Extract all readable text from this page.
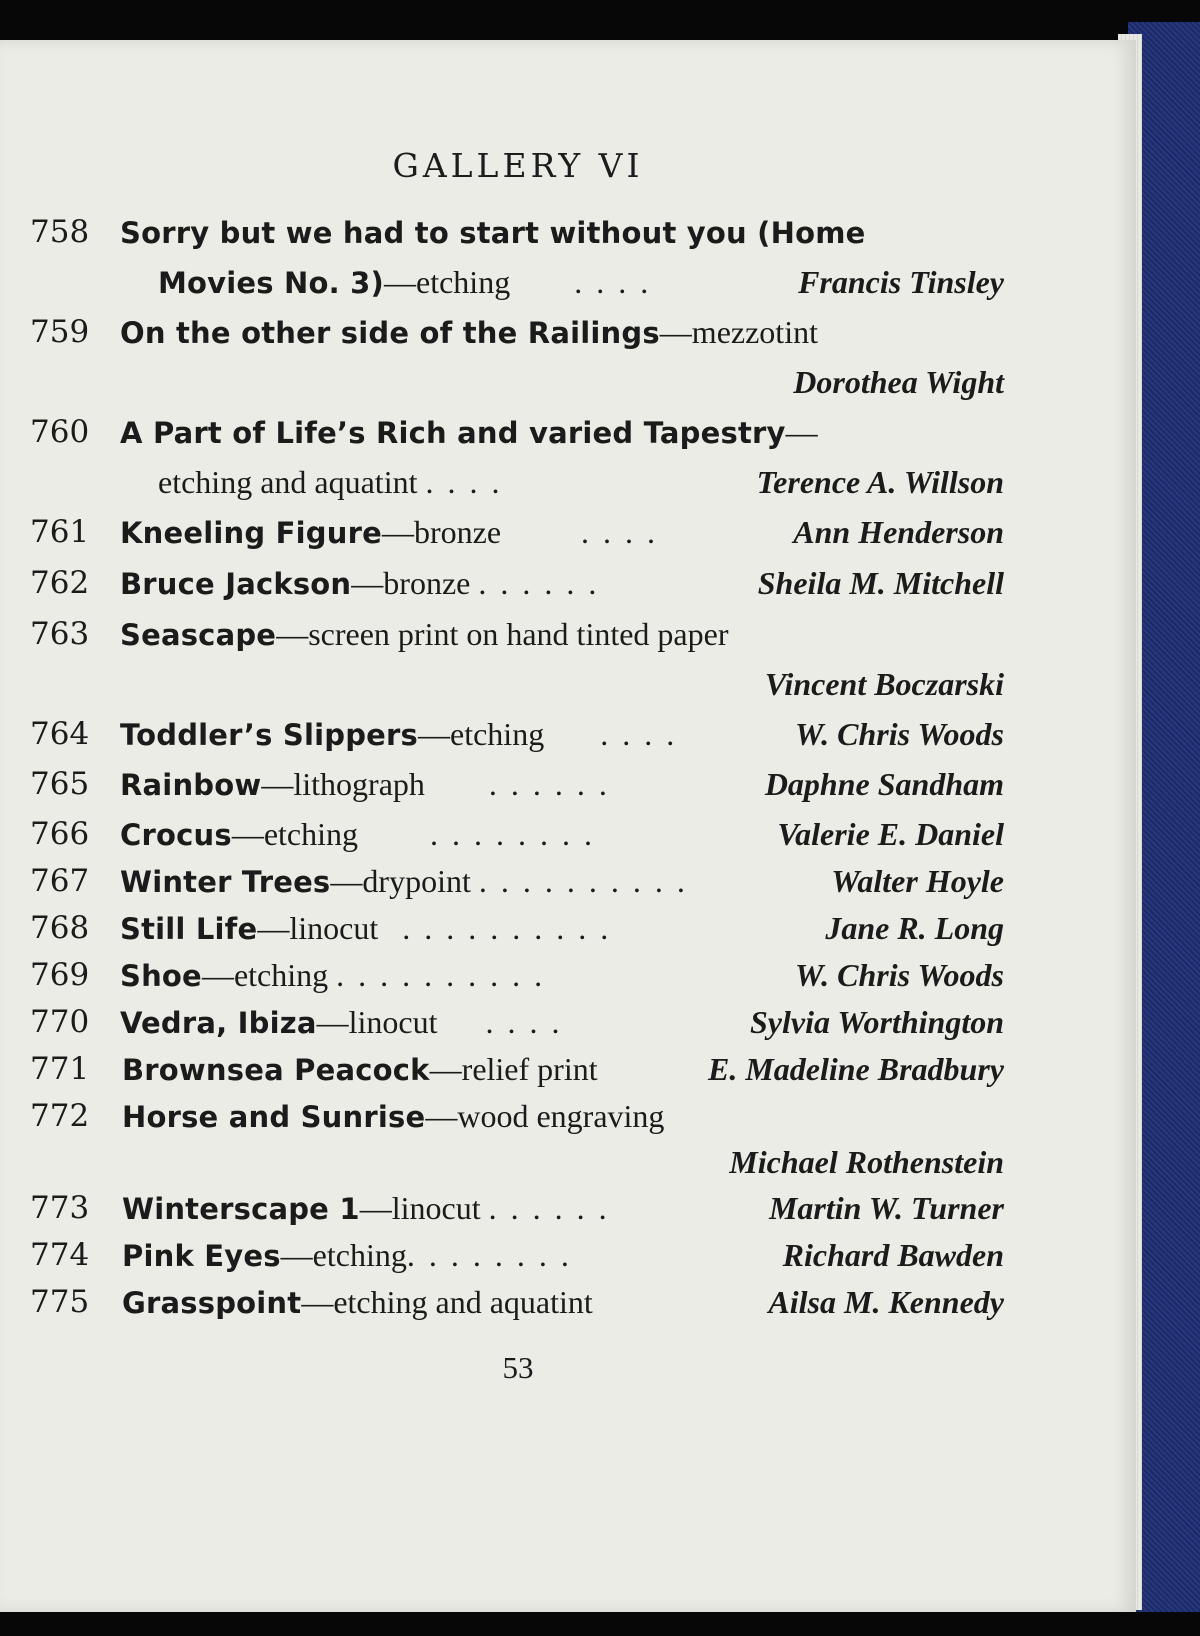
GALLERY VI
758 Sorry but we had to start without you (Home
Movies No. 3)—etching . . . .	Francis Tinsley
759 On the other side of the Railings—mezzotint
Dorothea Wight
760 A Part of Life’s Rich and varied Tapestry—
etching and aquatint . . . .	Terence A. Willson
761 Kneeling Figure—bronze	. . . .	Ann Henderson
762 Bruce Jackson—bronze . . . . . .	Sheila M. Mitchell
763 Seascape—screen print on hand tinted paper
Vincent Boczarski
764 Toddler’s Slippers—etching . . . .	W. Chris Woods
765 Rainbow—lithograph . . . . . .	Daphne Sandham
766 Crocus—etching . . . . . . . .	Valerie E. Daniel
767 Winter Trees—drypoint . . . . . . . . . .	Walter Hoyle
768 Still Life—linocut . . . . . . . . . .	Jane R. Long
769 Shoe—etching . . . . . . . . . .	W. Chris Woods
770 Vedra, Ibiza—linocut . . . .	Sylvia Worthington
771 Brownsea Peacock—relief print	E. Madeline Bradbury
772 Horse and Sunrise—wood engraving
Michael Rothenstein
773 Winterscape 1—linocut . . . . . .	Martin W. Turner
774 Pink Eyes—etching. . . . . . . .	Richard Bawden
775 Grasspoint—etching and aquatint	Ailsa M. Kennedy
53
